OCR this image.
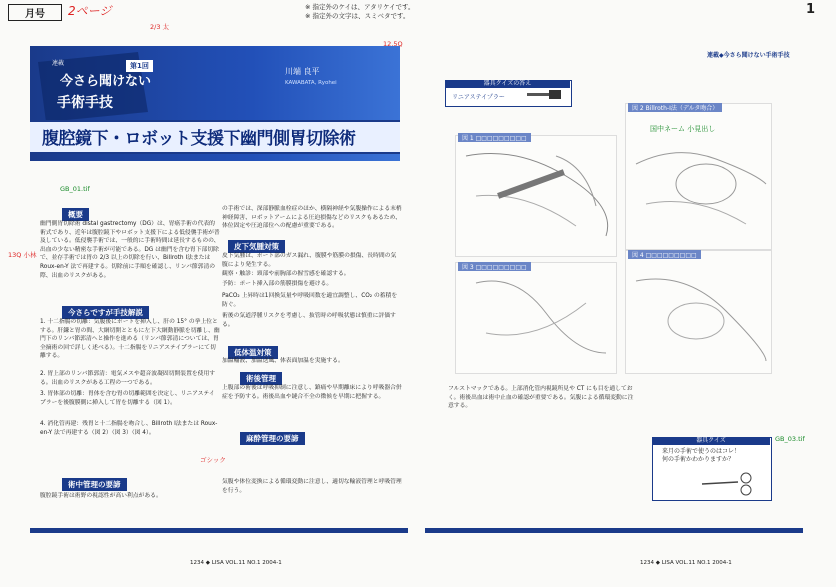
月号	2ページ	※ 指定外のケイは、アタリケイです。
※ 指定外の文字は、スミベタです。	1
連載	第1回
今さら聞けない
手術手技
川端 良平
KAWABATA, Ryohei
腹腔鏡下・ロボット支援下幽門側胃切除術
概要
幽門側胃切除術 distal gastrectomy（DG）は、胃癌手術の代表的術式であり、近年は腹腔鏡下やロボット支援下による低侵襲手術が普及している。低侵襲手術では、一般的に手術時間は延長するものの、出血の少ない精密な手術が可能である。DG は幽門を含む胃下部切除で、並存手術では胃の 2/3 以上の切除を行い、Billroth Ⅰ法または Roux-en-Y 法で再建する。切除前に手順を確認し、リンパ節郭清の際、出血のリスクがある。
今さらですが手技解説
1. 十二指腸の切離：気腹後にポートを挿入し、肝の 15° の挙上位とする。肝鎌と胃の間、大網切開とともに左下大網動静脈を切離し、幽門下のリンパ節郭清へと操作を進める（リンパ節郭清については、胃全摘術の回で詳しく述べる）。十二指腸をリニアステイプラーにて切離する。
2. 胃上部のリンパ節郭清：電気メスや超音波凝固切開装置を使用する。出血のリスクがある工程の一つである。
3. 胃体部の切離：胃体を含む胃の切離範囲を決定し、リニアステイプラーを後腹膜側に挿入して胃を切離する（図 1）。
4. 消化管再建：残胃と十二指腸を吻合し、Billroth Ⅰ法または Roux-en-Y 法で再建する（図 2）（図 3）（図 4）。
術中管理の要諦
腹腔鏡手術は術野の視認性が高い利点がある。
の手術では、深部静脈血栓症のほか、横隔神経や気腹操作による末梢神経障害、ロボットアームによる圧迫損傷などのリスクもあるため、体位固定や圧迫部位への配慮が重要である。
皮下気腫対策
皮下気腫は、ポート部のガス漏れ、腹膜や筋膜の損傷、長時間の気腹により発生する。
観察・触診：頸部や前胸部の握雪感を確認する。
予防：ポート挿入部の筋膜損傷を避ける。
PaCO₂ 上昇時は1回換気量や呼吸回数を適宜調整し、CO₂ の蓄積を防ぐ。
術後の気道浮腫リスクを考慮し、抜管時の呼吸状態は慎重に評価する。
低体温対策
加温輸液、加温送風、体表面加温を実施する。
術後管理
上腹部の術後は呼吸抑制に注意し、鎮痛や早期離床により呼吸器合併症を予防する。術後出血や縫合不全の徴候を早期に把握する。
麻酔管理の要諦
気腹や体位変換による循環変動に注意し、適切な輸液管理と呼吸管理を行う。
器具クイズの答え
リニアステイプラー
連載◆今さら聞けない手術手技
図 1 □□□□□□□□□
図 2 Billroth-Ⅰ法（デルタ吻合）
国中ネーム 小見出し
図 3 □□□□□□□□□
図 4 □□□□□□□□□
フルストマックである。上部消化管内視鏡所見や CT にも目を通しておく。術後出血は術中止血の確認が重要である。気腹による循環変動に注意する。
器具クイズ
来月の手術で使うのはコレ！
何の手術かわかりますか？
13Q 小林
GB_01.tif
2/3 太
12.5Q
GB_03.tif
ゴシック
1234 ◆ LISA VOL.11 NO.1 2004-1	1234 ◆ LISA VOL.11 NO.1 2004-1
